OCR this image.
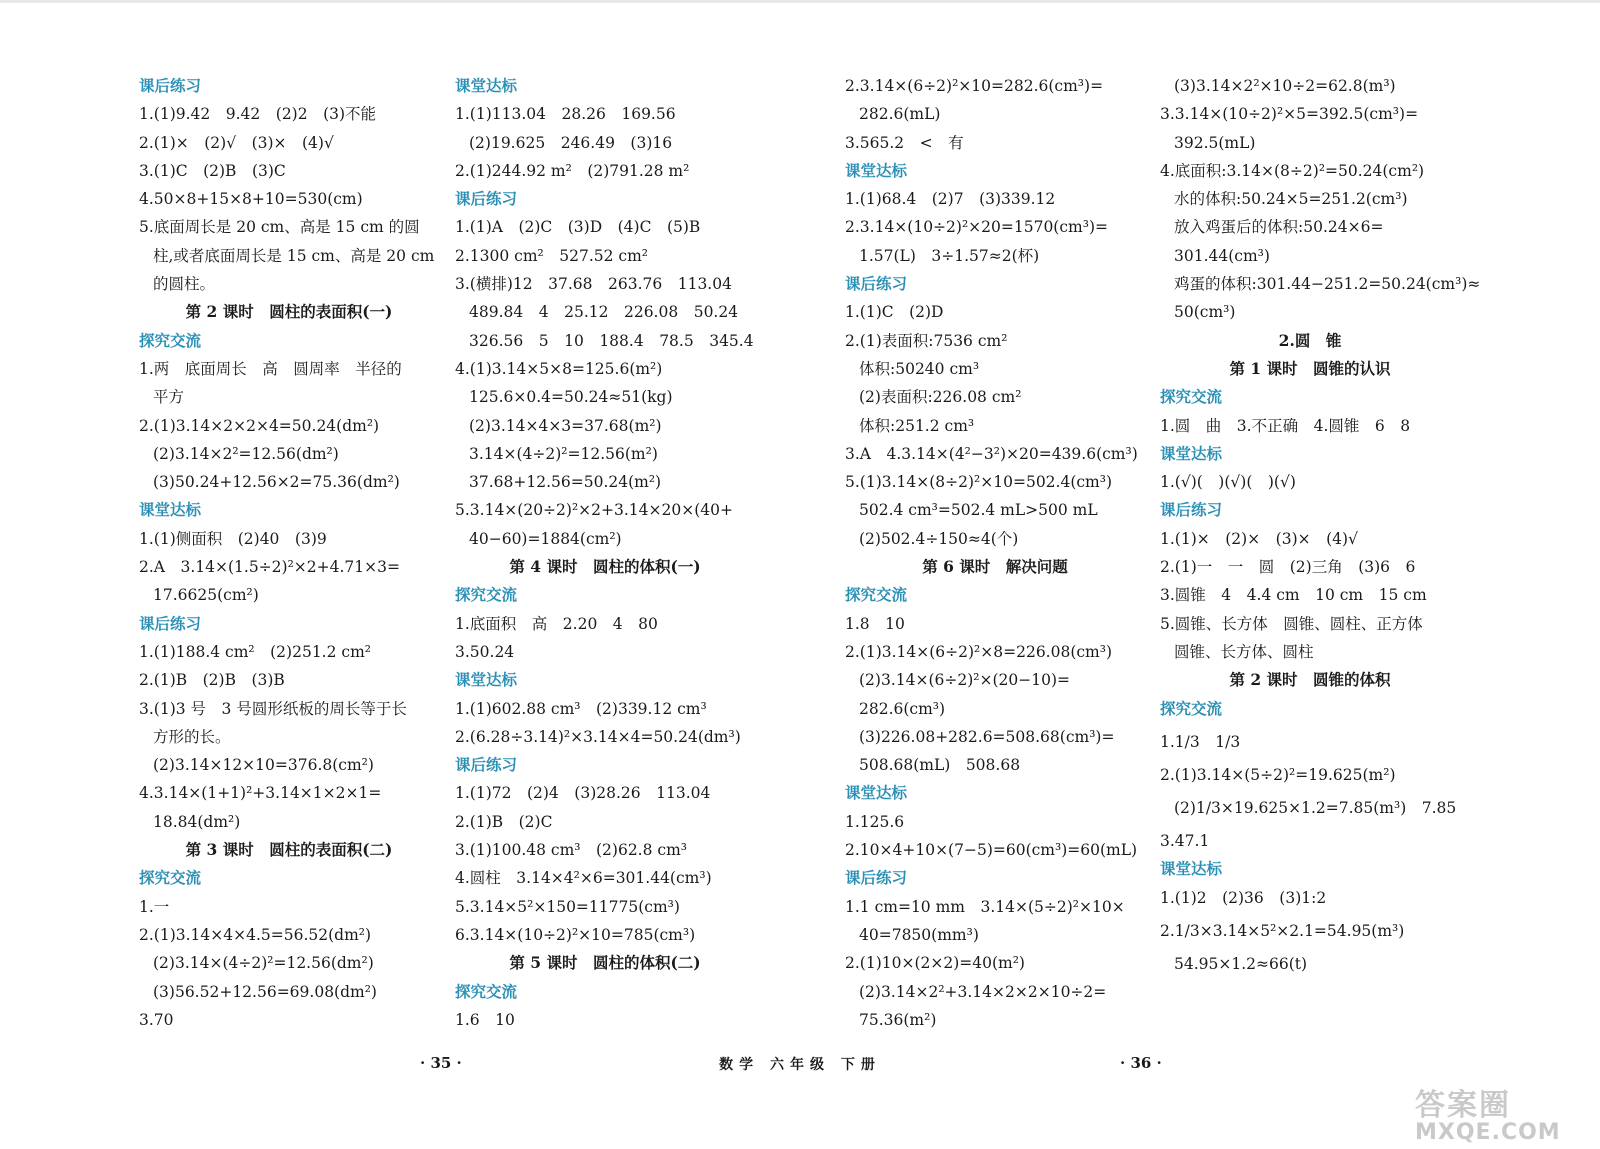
课后练习
1.(1)9.42　9.42　(2)2　(3)不能
2.(1)×　(2)√　(3)×　(4)√
3.(1)C　(2)B　(3)C
4.50×8+15×8+10=530(cm)
5.底面周长是 20 cm、高是 15 cm 的圆
柱,或者底面周长是 15 cm、高是 20 cm
的圆柱。
第 2 课时　圆柱的表面积(一)
探究交流
1.两　底面周长　高　圆周率　半径的
平方
2.(1)3.14×2×2×4=50.24(dm²)
(2)3.14×2²=12.56(dm²)
(3)50.24+12.56×2=75.36(dm²)
课堂达标
1.(1)侧面积　(2)40　(3)9
2.A　3.14×(1.5÷2)²×2+4.71×3=
17.6625(cm²)
课后练习
1.(1)188.4 cm²　(2)251.2 cm²
2.(1)B　(2)B　(3)B
3.(1)3 号　3 号圆形纸板的周长等于长
方形的长。
(2)3.14×12×10=376.8(cm²)
4.3.14×(1+1)²+3.14×1×2×1=
18.84(dm²)
第 3 课时　圆柱的表面积(二)
探究交流
1.一
2.(1)3.14×4×4.5=56.52(dm²)
(2)3.14×(4÷2)²=12.56(dm²)
(3)56.52+12.56=69.08(dm²)
3.70
课堂达标
1.(1)113.04　28.26　169.56
(2)19.625　246.49　(3)16
2.(1)244.92 m²　(2)791.28 m²
课后练习
1.(1)A　(2)C　(3)D　(4)C　(5)B
2.1300 cm²　527.52 cm²
3.(横排)12　37.68　263.76　113.04
489.84　4　25.12　226.08　50.24
326.56　5　10　188.4　78.5　345.4
4.(1)3.14×5×8=125.6(m²)
125.6×0.4=50.24≈51(kg)
(2)3.14×4×3=37.68(m²)
3.14×(4÷2)²=12.56(m²)
37.68+12.56=50.24(m²)
5.3.14×(20÷2)²×2+3.14×20×(40+
40−60)=1884(cm²)
第 4 课时　圆柱的体积(一)
探究交流
1.底面积　高　2.20　4　80
3.50.24
课堂达标
1.(1)602.88 cm³　(2)339.12 cm³
2.(6.28÷3.14)²×3.14×4=50.24(dm³)
课后练习
1.(1)72　(2)4　(3)28.26　113.04
2.(1)B　(2)C
3.(1)100.48 cm³　(2)62.8 cm³
4.圆柱　3.14×4²×6=301.44(cm³)
5.3.14×5²×150=11775(cm³)
6.3.14×(10÷2)²×10=785(cm³)
第 5 课时　圆柱的体积(二)
探究交流
1.6　10
2.3.14×(6÷2)²×10=282.6(cm³)=
282.6(mL)
3.565.2　<　有
课堂达标
1.(1)68.4　(2)7　(3)339.12
2.3.14×(10÷2)²×20=1570(cm³)=
1.57(L)　3÷1.57≈2(杯)
课后练习
1.(1)C　(2)D
2.(1)表面积:7536 cm²
体积:50240 cm³
(2)表面积:226.08 cm²
体积:251.2 cm³
3.A　4.3.14×(4²−3²)×20=439.6(cm³)
5.(1)3.14×(8÷2)²×10=502.4(cm³)
502.4 cm³=502.4 mL>500 mL
(2)502.4÷150≈4(个)
第 6 课时　解决问题
探究交流
1.8　10
2.(1)3.14×(6÷2)²×8=226.08(cm³)
(2)3.14×(6÷2)²×(20−10)=
282.6(cm³)
(3)226.08+282.6=508.68(cm³)=
508.68(mL)　508.68
课堂达标
1.125.6
2.10×4+10×(7−5)=60(cm³)=60(mL)
课后练习
1.1 cm=10 mm　3.14×(5÷2)²×10×
40=7850(mm³)
2.(1)10×(2×2)=40(m²)
(2)3.14×2²+3.14×2×2×10÷2=
75.36(m²)
(3)3.14×2²×10÷2=62.8(m³)
3.3.14×(10÷2)²×5=392.5(cm³)=
392.5(mL)
4.底面积:3.14×(8÷2)²=50.24(cm²)
水的体积:50.24×5=251.2(cm³)
放入鸡蛋后的体积:50.24×6=
301.44(cm³)
鸡蛋的体积:301.44−251.2=50.24(cm³)≈
50(cm³)
2.圆　锥
第 1 课时　圆锥的认识
探究交流
1.圆　曲　3.不正确　4.圆锥　6　8
课堂达标
1.(√)(　)(√)(　)(√)
课后练习
1.(1)×　(2)×　(3)×　(4)√
2.(1)一　一　圆　(2)三角　(3)6　6
3.圆锥　4　4.4 cm　10 cm　15 cm
5.圆锥、长方体　圆锥、圆柱、正方体
圆锥、长方体、圆柱
第 2 课时　圆锥的体积
探究交流
1.1/3　1/3
2.(1)3.14×(5÷2)²=19.625(m²)
(2)1/3×19.625×1.2=7.85(m³)　7.85
3.47.1
课堂达标
1.(1)2　(2)36　(3)1:2
2.1/3×3.14×5²×2.1=54.95(m³)
54.95×1.2≈66(t)
· 35 ·	数学 六年级 下册	· 36 ·
答案圈
MXQE.COM
